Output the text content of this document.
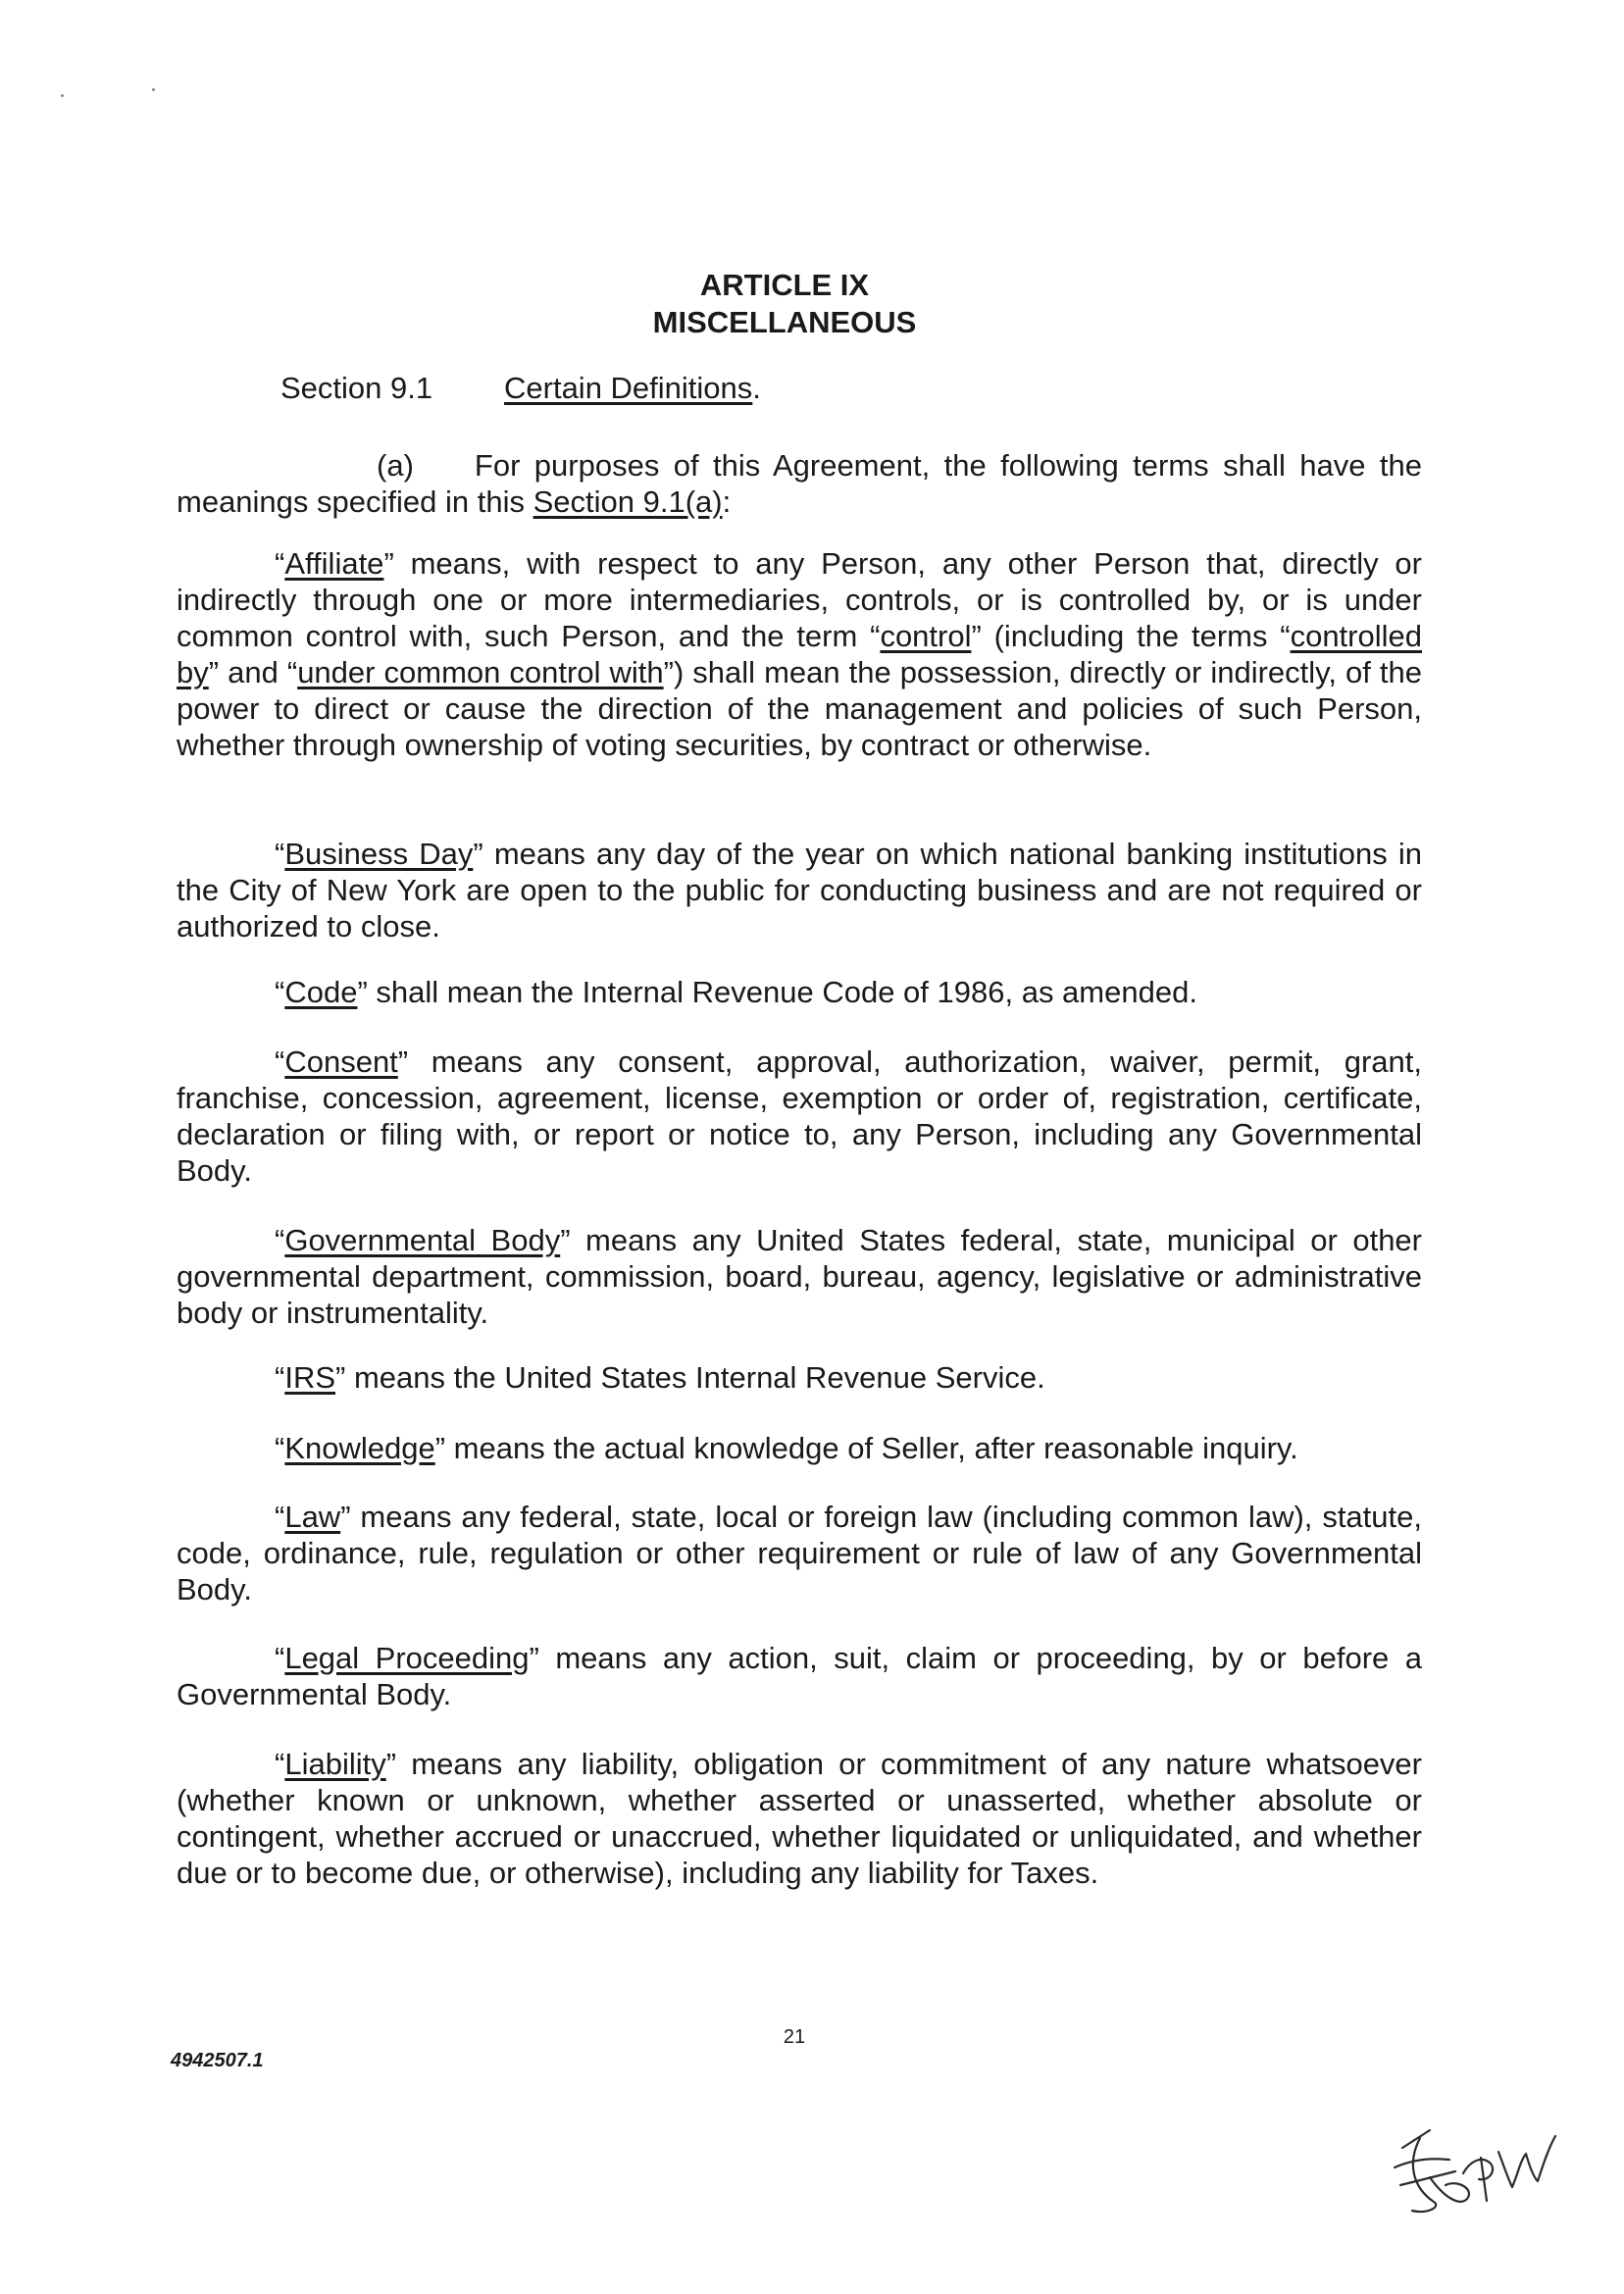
ARTICLE IX
MISCELLANEOUS
Section 9.1 Certain Definitions.

(a) For purposes of this Agreement, the following terms shall have the meanings specified in this Section 9.1(a):

“Affiliate” means, with respect to any Person, any other Person that, directly or indirectly through one or more intermediaries, controls, or is controlled by, or is under common control with, such Person, and the term “control” (including the terms “controlled by” and “under common control with”) shall mean the possession, directly or indirectly, of the power to direct or cause the direction of the management and policies of such Person, whether through ownership of voting securities, by contract or otherwise.

“Business Day” means any day of the year on which national banking institutions in the City of New York are open to the public for conducting business and are not required or authorized to close.

“Code” shall mean the Internal Revenue Code of 1986, as amended.

“Consent” means any consent, approval, authorization, waiver, permit, grant, franchise, concession, agreement, license, exemption or order of, registration, certificate, declaration or filing with, or report or notice to, any Person, including any Governmental Body.

“Governmental Body” means any United States federal, state, municipal or other governmental department, commission, board, bureau, agency, legislative or administrative body or instrumentality.

“IRS” means the United States Internal Revenue Service.

“Knowledge” means the actual knowledge of Seller, after reasonable inquiry.

“Law” means any federal, state, local or foreign law (including common law), statute, code, ordinance, rule, regulation or other requirement or rule of law of any Governmental Body.

“Legal Proceeding” means any action, suit, claim or proceeding, by or before a Governmental Body.

“Liability” means any liability, obligation or commitment of any nature whatsoever (whether known or unknown, whether asserted or unasserted, whether absolute or contingent, whether accrued or unaccrued, whether liquidated or unliquidated, and whether due or to become due, or otherwise), including any liability for Taxes.

21
4942507.1
